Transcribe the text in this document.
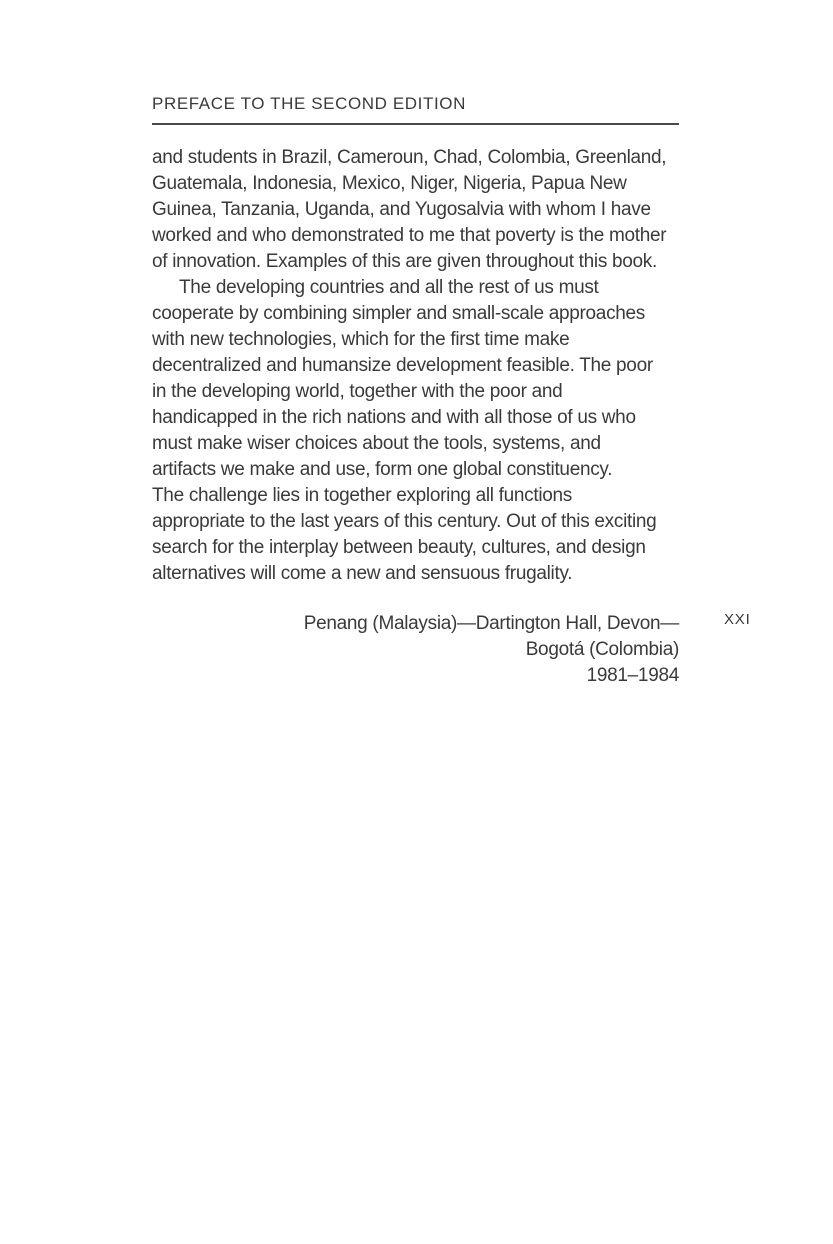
PREFACE TO THE SECOND EDITION
and students in Brazil, Cameroun, Chad, Colombia, Greenland,
Guatemala, Indonesia, Mexico, Niger, Nigeria, Papua New
Guinea, Tanzania, Uganda, and Yugosalvia with whom I have
worked and who demonstrated to me that poverty is the mother
of innovation. Examples of this are given throughout this book.
The developing countries and all the rest of us must
cooperate by combining simpler and small-scale approaches
with new technologies, which for the first time make
decentralized and humansize development feasible. The poor
in the developing world, together with the poor and
handicapped in the rich nations and with all those of us who
must make wiser choices about the tools, systems, and
artifacts we make and use, form one global constituency.
The challenge lies in together exploring all functions
appropriate to the last years of this century. Out of this exciting
search for the interplay between beauty, cultures, and design
alternatives will come a new and sensuous frugality.
Penang (Malaysia)—Dartington Hall, Devon—
Bogotá (Colombia)
1981–1984
XXI
